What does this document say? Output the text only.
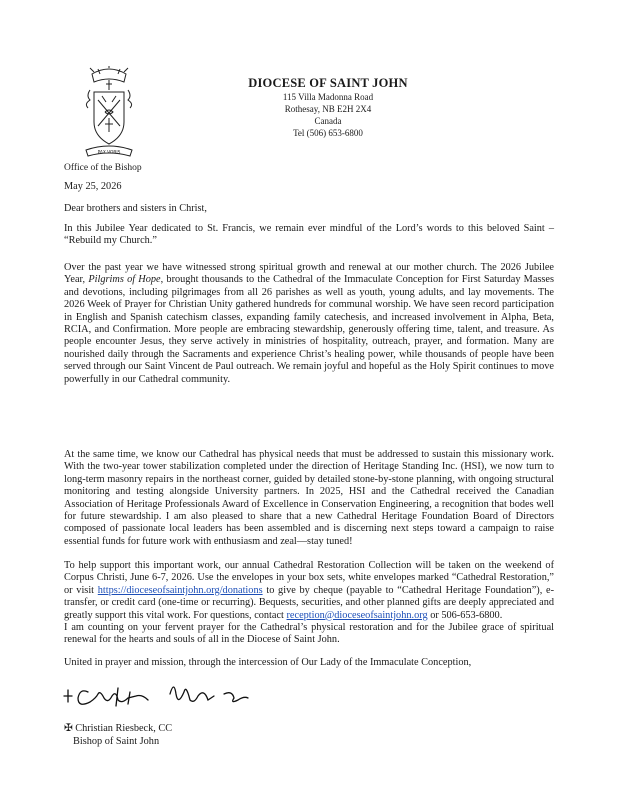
PAX VOBIS
DIOCESE OF SAINT JOHN
115 Villa Madonna Road
Rothesay, NB E2H 2X4
Canada
Tel (506) 653-6800
Office of the Bishop
May 25, 2026
Dear brothers and sisters in Christ,
In this Jubilee Year dedicated to St. Francis, we remain ever mindful of the Lord’s words to this beloved Saint – “Rebuild my Church.”
Over the past year we have witnessed strong spiritual growth and renewal at our mother church. The 2026 Jubilee Year, Pilgrims of Hope, brought thousands to the Cathedral of the Immaculate Conception for First Saturday Masses and devotions, including pilgrimages from all 26 parishes as well as youth, young adults, and lay movements. The 2026 Week of Prayer for Christian Unity gathered hundreds for communal worship. We have seen record participation in English and Spanish catechism classes, expanding family catechesis, and increased involvement in Alpha, Beta, RCIA, and Confirmation. More people are embracing stewardship, generously offering time, talent, and treasure. As people encounter Jesus, they serve actively in ministries of hospitality, outreach, prayer, and formation. Many are nourished daily through the Sacraments and experience Christ’s healing power, while thousands of people have been served through our Saint Vincent de Paul outreach. We remain joyful and hopeful as the Holy Spirit continues to move powerfully in our Cathedral community.
At the same time, we know our Cathedral has physical needs that must be addressed to sustain this missionary work. With the two-year tower stabilization completed under the direction of Heritage Standing Inc. (HSI), we now turn to long-term masonry repairs in the northeast corner, guided by detailed stone-by-stone planning, with ongoing structural monitoring and testing alongside University partners. In 2025, HSI and the Cathedral received the Canadian Association of Heritage Professionals Award of Excellence in Conservation Engineering, a recognition that bodes well for future stewardship. I am also pleased to share that a new Cathedral Heritage Foundation Board of Directors composed of passionate local leaders has been assembled and is discerning next steps toward a campaign to raise essential funds for future work with enthusiasm and zeal—stay tuned!
To help support this important work, our annual Cathedral Restoration Collection will be taken on the weekend of Corpus Christi, June 6-7, 2026. Use the envelopes in your box sets, white envelopes marked “Cathedral Restoration,” or visit https://dioceseofsaintjohn.org/donations to give by cheque (payable to “Cathedral Heritage Foundation”), e-transfer, or credit card (one-time or recurring). Bequests, securities, and other planned gifts are deeply appreciated and greatly support this vital work. For questions, contact reception@dioceseofsaintjohn.org or 506-653-6800.
I am counting on your fervent prayer for the Cathedral’s physical restoration and for the Jubilee grace of spiritual renewal for the hearts and souls of all in the Diocese of Saint John.
United in prayer and mission, through the intercession of Our Lady of the Immaculate Conception,
✠ Christian Riesbeck, CC
Bishop of Saint John
